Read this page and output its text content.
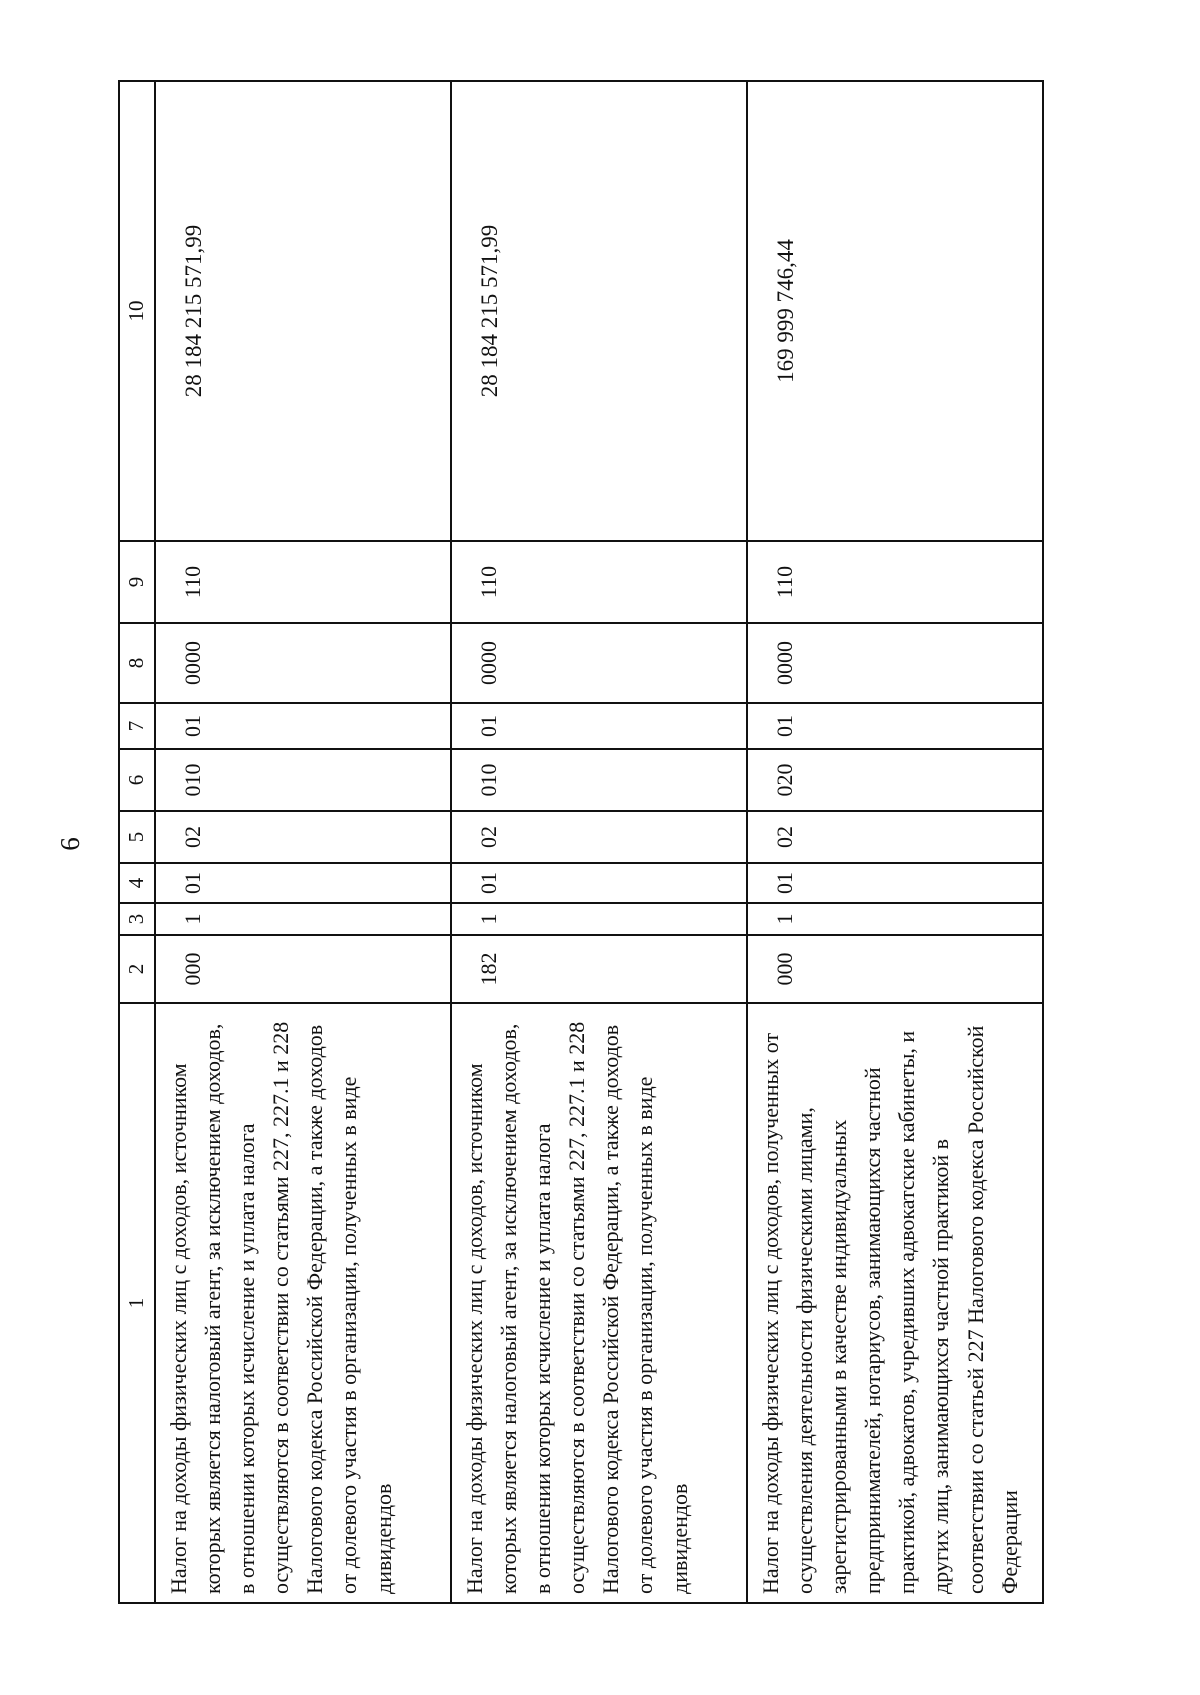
6
1	2	3	4	5	6	7	8	9	10
Налог на доходы физических лиц с доходов, источником которых является налоговый агент, за исключением доходов, в отношении которых исчисление и уплата налога осуществляются в соответствии со статьями 227, 227.1 и 228 Налогового кодекса Российской Федерации, а также доходов от долевого участия в организации, полученных в виде дивидендов	000	1	01	02	010	01	0000	110	28 184 215 571,99
Налог на доходы физических лиц с доходов, источником которых является налоговый агент, за исключением доходов, в отношении которых исчисление и уплата налога осуществляются в соответствии со статьями 227, 227.1 и 228 Налогового кодекса Российской Федерации, а также доходов от долевого участия в организации, полученных в виде дивидендов	182	1	01	02	010	01	0000	110	28 184 215 571,99
Налог на доходы физических лиц с доходов, полученных от осуществления деятельности физическими лицами, зарегистрированными в качестве индивидуальных предпринимателей, нотариусов, занимающихся частной практикой, адвокатов, учредивших адвокатские кабинеты, и других лиц, занимающихся частной практикой в соответствии со статьей 227 Налогового кодекса Российской Федерации	000	1	01	02	020	01	0000	110	169 999 746,44
